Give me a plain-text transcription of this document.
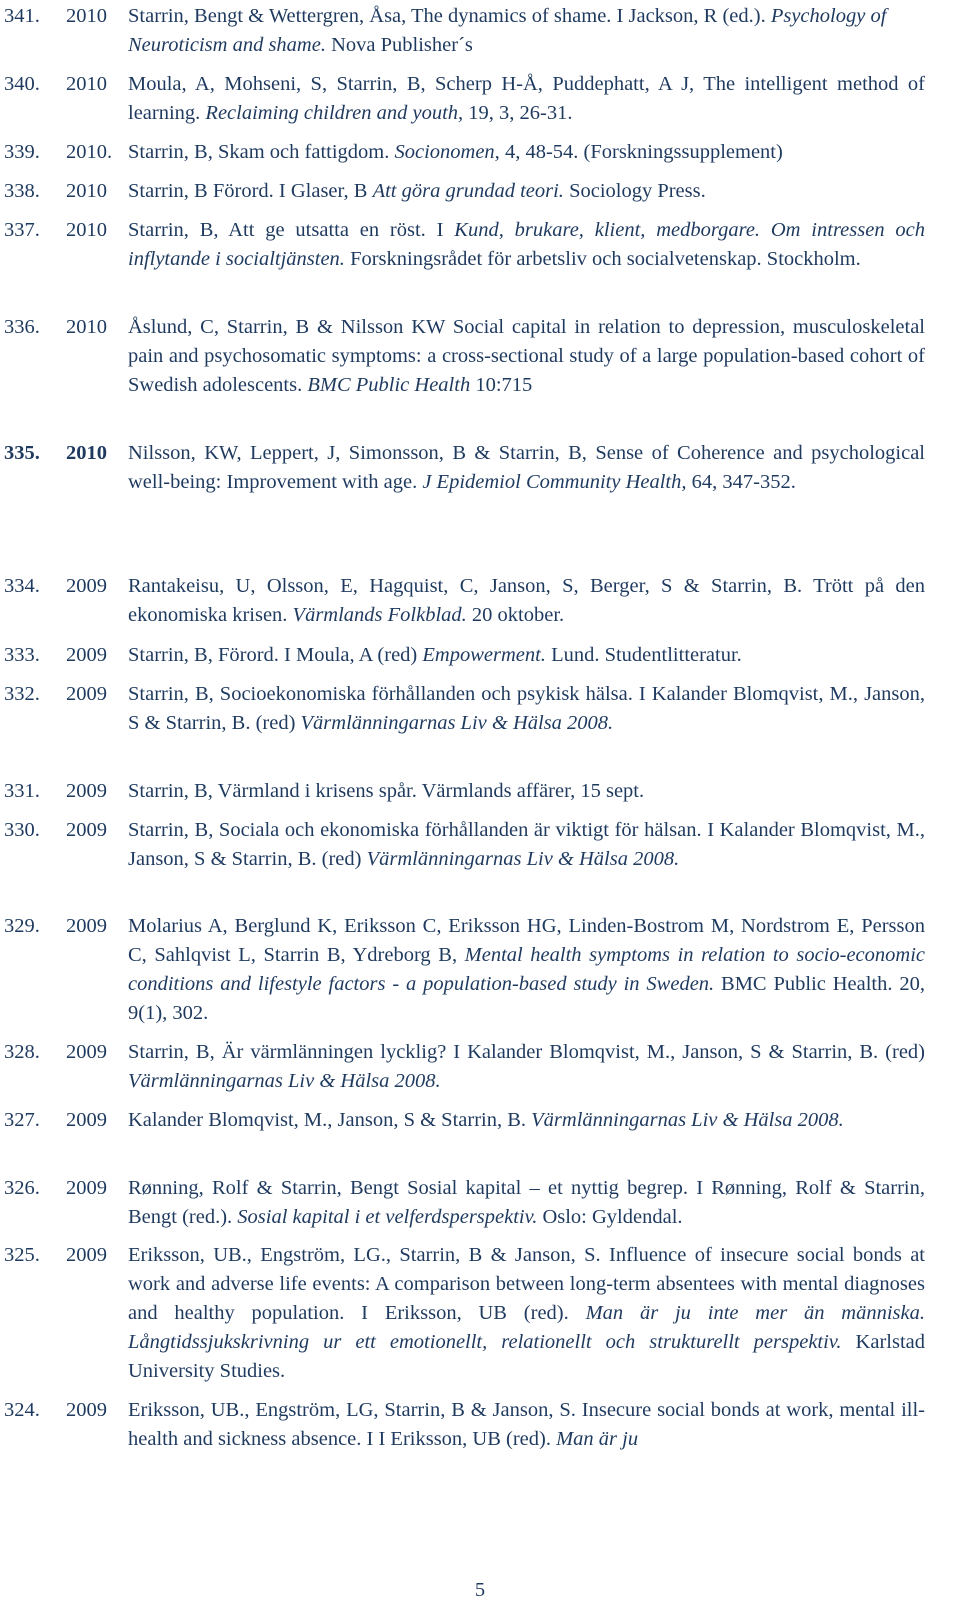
341. 2010 Starrin, Bengt & Wettergren, Åsa, The dynamics of shame. I Jackson, R (ed.). Psychology of Neuroticism and shame. Nova Publisher´s
340. 2010 Moula, A, Mohseni, S, Starrin, B, Scherp H-Å, Puddephatt, A J, The intelligent method of learning. Reclaiming children and youth, 19, 3, 26-31.
339. 2010. Starrin, B, Skam och fattigdom. Socionomen, 4, 48-54. (Forskningssupplement)
338. 2010 Starrin, B Förord. I Glaser, B Att göra grundad teori. Sociology Press.
337. 2010 Starrin, B, Att ge utsatta en röst. I Kund, brukare, klient, medborgare. Om intressen och inflytande i socialtjänsten. Forskningsrådet för arbetsliv och socialvetenskap. Stockholm.
336. 2010 Åslund, C, Starrin, B & Nilsson KW Social capital in relation to depression, musculoskeletal pain and psychosomatic symptoms: a cross-sectional study of a large population-based cohort of Swedish adolescents. BMC Public Health 10:715
335. 2010 Nilsson, KW, Leppert, J, Simonsson, B & Starrin, B, Sense of Coherence and psychological well-being: Improvement with age. J Epidemiol Community Health, 64, 347-352.
334. 2009 Rantakeisu, U, Olsson, E, Hagquist, C, Janson, S, Berger, S & Starrin, B. Trött på den ekonomiska krisen. Värmlands Folkblad. 20 oktober.
333. 2009 Starrin, B, Förord. I Moula, A (red) Empowerment. Lund. Studentlitteratur.
332. 2009 Starrin, B, Socioekonomiska förhållanden och psykisk hälsa. I Kalander Blomqvist, M., Janson, S & Starrin, B. (red) Värmlänningarnas Liv & Hälsa 2008.
331. 2009 Starrin, B, Värmland i krisens spår. Värmlands affärer, 15 sept.
330. 2009 Starrin, B, Sociala och ekonomiska förhållanden är viktigt för hälsan. I Kalander Blomqvist, M., Janson, S & Starrin, B. (red) Värmlänningarnas Liv & Hälsa 2008.
329. 2009 Molarius A, Berglund K, Eriksson C, Eriksson HG, Linden-Bostrom M, Nordstrom E, Persson C, Sahlqvist L, Starrin B, Ydreborg B, Mental health symptoms in relation to socio-economic conditions and lifestyle factors - a population-based study in Sweden. BMC Public Health. 20, 9(1), 302.
328. 2009 Starrin, B, Är värmlänningen lycklig? I Kalander Blomqvist, M., Janson, S & Starrin, B. (red) Värmlänningarnas Liv & Hälsa 2008.
327. 2009 Kalander Blomqvist, M., Janson, S & Starrin, B. Värmlänningarnas Liv & Hälsa 2008.
326. 2009 Rønning, Rolf & Starrin, Bengt Sosial kapital – et nyttig begrep. I Rønning, Rolf & Starrin, Bengt (red.). Sosial kapital i et velferdsperspektiv. Oslo: Gyldendal.
325. 2009 Eriksson, UB., Engström, LG., Starrin, B & Janson, S. Influence of insecure social bonds at work and adverse life events: A comparison between long-term absentees with mental diagnoses and healthy population. I Eriksson, UB (red). Man är ju inte mer än människa. Långtidssjukskrivning ur ett emotionellt, relationellt och strukturellt perspektiv. Karlstad University Studies.
324. 2009 Eriksson, UB., Engström, LG, Starrin, B & Janson, S. Insecure social bonds at work, mental ill-health and sickness absence. I I Eriksson, UB (red). Man är ju
5
